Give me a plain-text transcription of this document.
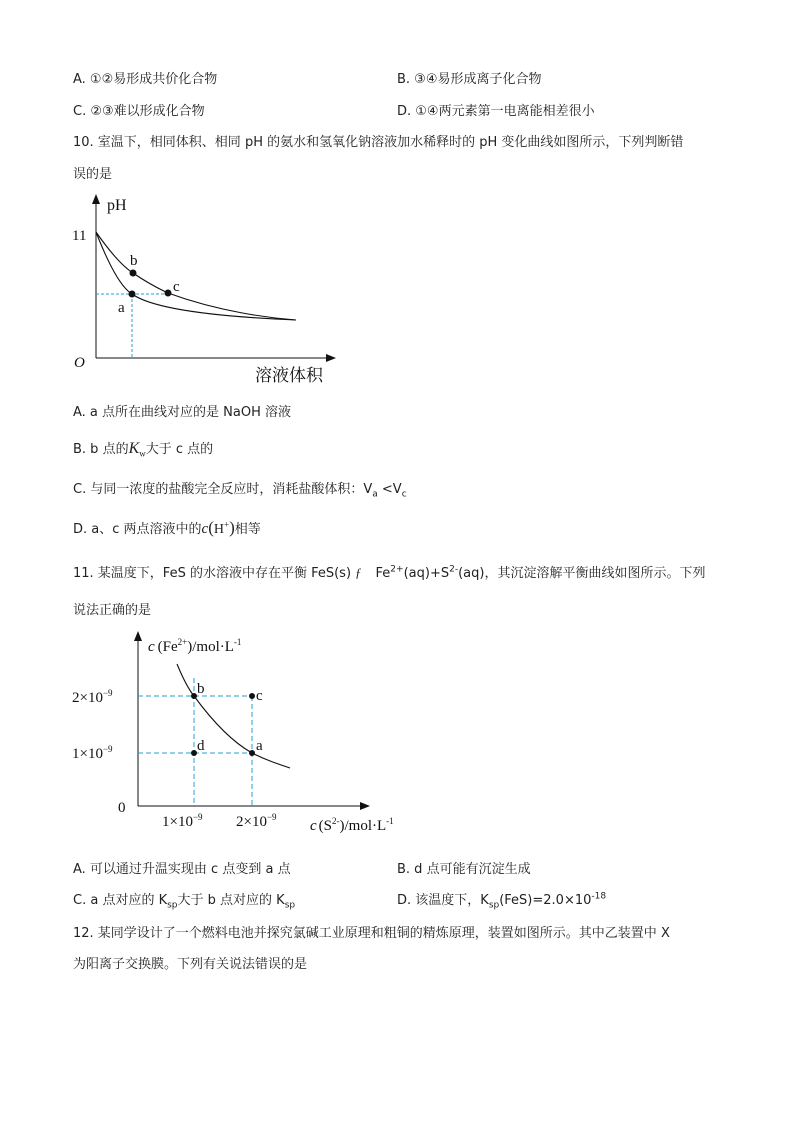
A. ①②易形成共价化合物	B. ③④易形成离子化合物
C. ②③难以形成化合物	D. ①④两元素第一电离能相差很小
10. 室温下，相同体积、相同 pH 的氨水和氢氧化钠溶液加水稀释时的 pH 变化曲线如图所示，下列判断错
误的是
pH
11
O
溶液体积
b
a
c
A. a 点所在曲线对应的是 NaOH 溶液
B. b 点的$K_w$大于 c 点的
C. 与同一浓度的盐酸完全反应时，消耗盐酸体积：$V_a <V_c$
D. a、c 两点溶液中的c(H+)相等
11. 某温度下，FeS 的水溶液中存在平衡 FeS(s) ƒ $Fe^{2+}(aq)+S^{2-}(aq)$，其沉淀溶解平衡曲线如图所示。下列
说法正确的是
c $(Fe^{2+})/mol\cdot L^{-1}$
$2\times 10^{-9}$
$1\times 10^{-9}$
0
$1\times 10^{-9}$ $2\times 10^{-9}$
c $(S^{2-})/mol\cdot L^{-1}$
b	c
d	a
A. 可以通过升温实现由 c 点变到 a 点	B. d 点可能有沉淀生成
C. a 点对应的 $K_{sp}$大于 b 点对应的 $K_{sp}$	D. 该温度下，$K_{sp}(FeS)=2.0\times 10^{-18}$
12. 某同学设计了一个燃料电池并探究氯碱工业原理和粗铜的精炼原理，装置如图所示。其中乙装置中 X
为阳离子交换膜。下列有关说法错误的是
